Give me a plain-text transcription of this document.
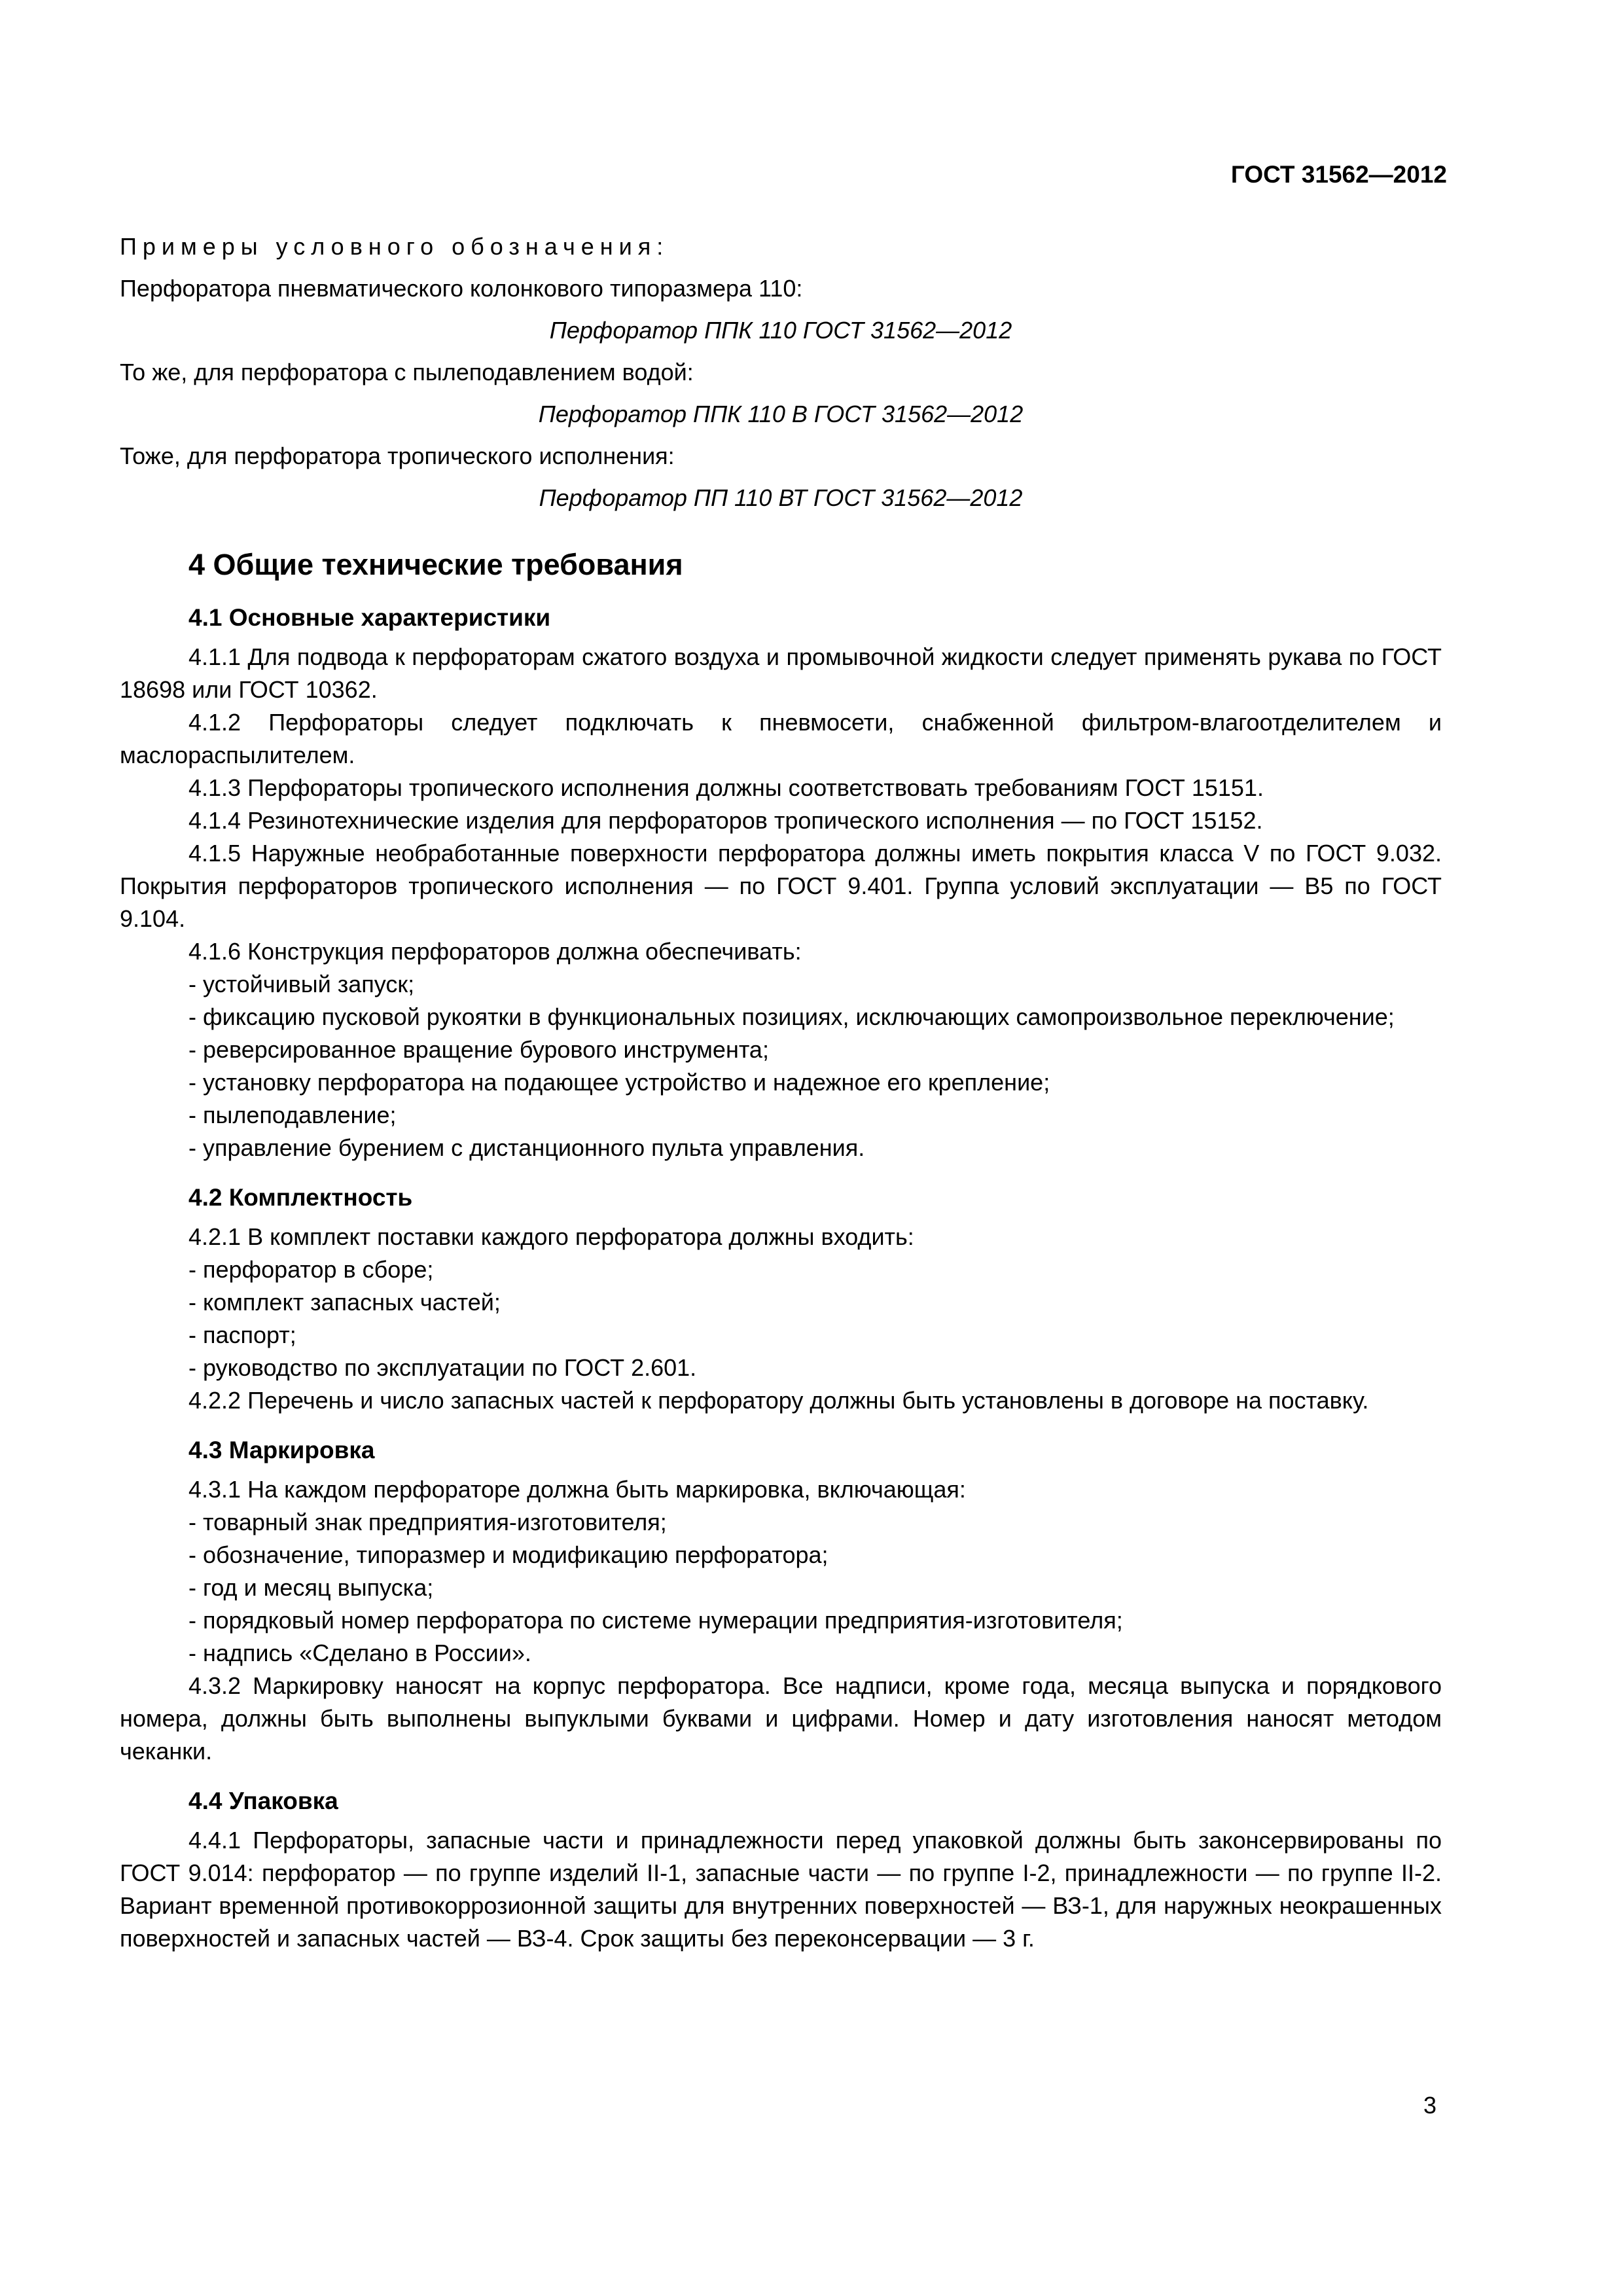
ГОСТ 31562—2012

Примеры условного обозначения:

Перфоратора пневматического колонкового типоразмера 110:

Перфоратор ППК 110 ГОСТ 31562—2012

То же, для перфоратора с пылеподавлением водой:

Перфоратор ППК 110 В ГОСТ 31562—2012

Тоже, для перфоратора тропического исполнения:

Перфоратор ПП 110 ВТ ГОСТ 31562—2012

4 Общие технические требования
4.1 Основные характеристики

4.1.1 Для подвода к перфораторам сжатого воздуха и промывочной жидкости следует применять рукава по ГОСТ 18698 или ГОСТ 10362.

4.1.2 Перфораторы следует подключать к пневмосети, снабженной фильтром-влагоотделителем и маслораспылителем.

4.1.3 Перфораторы тропического исполнения должны соответствовать требованиям ГОСТ 15151.

4.1.4 Резинотехнические изделия для перфораторов тропического исполнения — по ГОСТ 15152.

4.1.5 Наружные необработанные поверхности перфоратора должны иметь покрытия класса V по ГОСТ 9.032. Покрытия перфораторов тропического исполнения — по ГОСТ 9.401. Группа условий эксплуатации — В5 по ГОСТ 9.104.

4.1.6 Конструкция перфораторов должна обеспечивать:

- устойчивый запуск;

- фиксацию пусковой рукоятки в функциональных позициях, исключающих самопроизвольное переключение;

- реверсированное вращение бурового инструмента;

- установку перфоратора на подающее устройство и надежное его крепление;

- пылеподавление;

- управление бурением с дистанционного пульта управления.

4.2 Комплектность

4.2.1 В комплект поставки каждого перфоратора должны входить:

- перфоратор в сборе;

- комплект запасных частей;

- паспорт;

- руководство по эксплуатации по ГОСТ 2.601.

4.2.2 Перечень и число запасных частей к перфоратору должны быть установлены в договоре на поставку.

4.3 Маркировка

4.3.1 На каждом перфораторе должна быть маркировка, включающая:

- товарный знак предприятия-изготовителя;

- обозначение, типоразмер и модификацию перфоратора;

- год и месяц выпуска;

- порядковый номер перфоратора по системе нумерации предприятия-изготовителя;

- надпись «Сделано в России».

4.3.2 Маркировку наносят на корпус перфоратора. Все надписи, кроме года, месяца выпуска и порядкового номера, должны быть выполнены выпуклыми буквами и цифрами. Номер и дату изготовления наносят методом чеканки.

4.4 Упаковка

4.4.1 Перфораторы, запасные части и принадлежности перед упаковкой должны быть законсервированы по ГОСТ 9.014: перфоратор — по группе изделий II-1, запасные части — по группе I-2, принадлежности — по группе II-2. Вариант временной противокоррозионной защиты для внутренних поверхностей — ВЗ-1, для наружных неокрашенных поверхностей и запасных частей — ВЗ-4. Срок защиты без переконсервации — 3 г.

3
